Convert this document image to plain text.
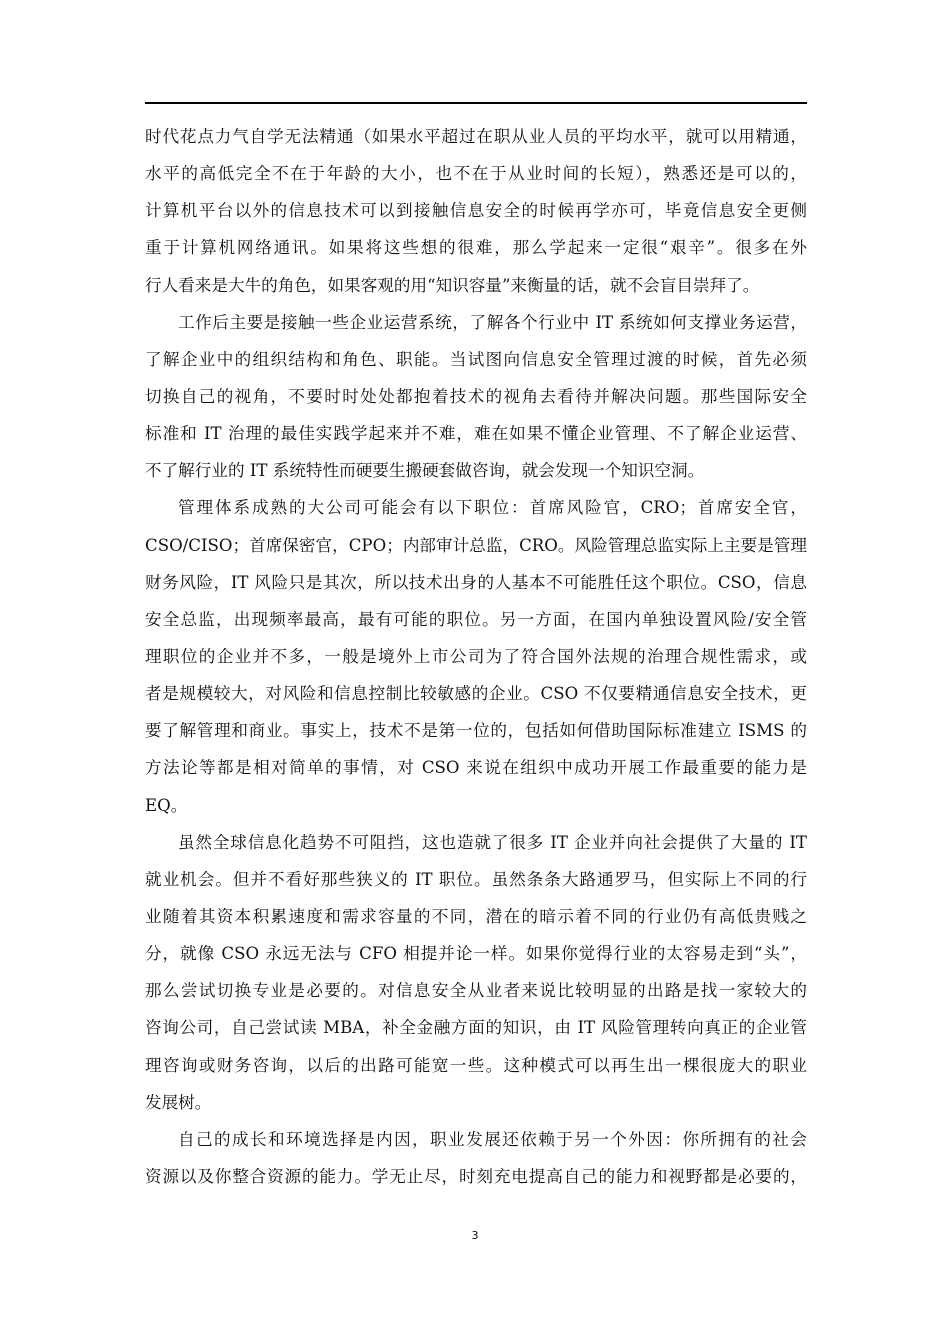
时代花点力气自学无法精通（如果水平超过在职从业人员的平均水平，就可以用精通，
水平的高低完全不在于年龄的大小，也不在于从业时间的长短），熟悉还是可以的，
计算机平台以外的信息技术可以到接触信息安全的时候再学亦可，毕竟信息安全更侧
重于计算机网络通讯。如果将这些想的很难，那么学起来一定很“艰辛”。很多在外
行人看来是大牛的角色，如果客观的用“知识容量”来衡量的话，就不会盲目崇拜了。
工作后主要是接触一些企业运营系统，了解各个行业中 IT 系统如何支撑业务运营，
了解企业中的组织结构和角色、职能。当试图向信息安全管理过渡的时候，首先必须
切换自己的视角，不要时时处处都抱着技术的视角去看待并解决问题。那些国际安全
标准和 IT 治理的最佳实践学起来并不难，难在如果不懂企业管理、不了解企业运营、
不了解行业的 IT 系统特性而硬要生搬硬套做咨询，就会发现一个知识空洞。
管理体系成熟的大公司可能会有以下职位：首席风险官，CRO；首席安全官，
CSO/CISO；首席保密官，CPO；内部审计总监，CRO。风险管理总监实际上主要是管理
财务风险，IT 风险只是其次，所以技术出身的人基本不可能胜任这个职位。CSO，信息
安全总监，出现频率最高，最有可能的职位。另一方面，在国内单独设置风险/安全管
理职位的企业并不多，一般是境外上市公司为了符合国外法规的治理合规性需求，或
者是规模较大，对风险和信息控制比较敏感的企业。CSO 不仅要精通信息安全技术，更
要了解管理和商业。事实上，技术不是第一位的，包括如何借助国际标准建立 ISMS 的
方法论等都是相对简单的事情，对 CSO 来说在组织中成功开展工作最重要的能力是
EQ。
虽然全球信息化趋势不可阻挡，这也造就了很多 IT 企业并向社会提供了大量的 IT
就业机会。但并不看好那些狭义的 IT 职位。虽然条条大路通罗马，但实际上不同的行
业随着其资本积累速度和需求容量的不同，潜在的暗示着不同的行业仍有高低贵贱之
分，就像 CSO 永远无法与 CFO 相提并论一样。如果你觉得行业的太容易走到“头”，
那么尝试切换专业是必要的。对信息安全从业者来说比较明显的出路是找一家较大的
咨询公司，自己尝试读 MBA，补全金融方面的知识，由 IT 风险管理转向真正的企业管
理咨询或财务咨询，以后的出路可能宽一些。这种模式可以再生出一棵很庞大的职业
发展树。
自己的成长和环境选择是内因，职业发展还依赖于另一个外因：你所拥有的社会
资源以及你整合资源的能力。学无止尽，时刻充电提高自己的能力和视野都是必要的，
3
